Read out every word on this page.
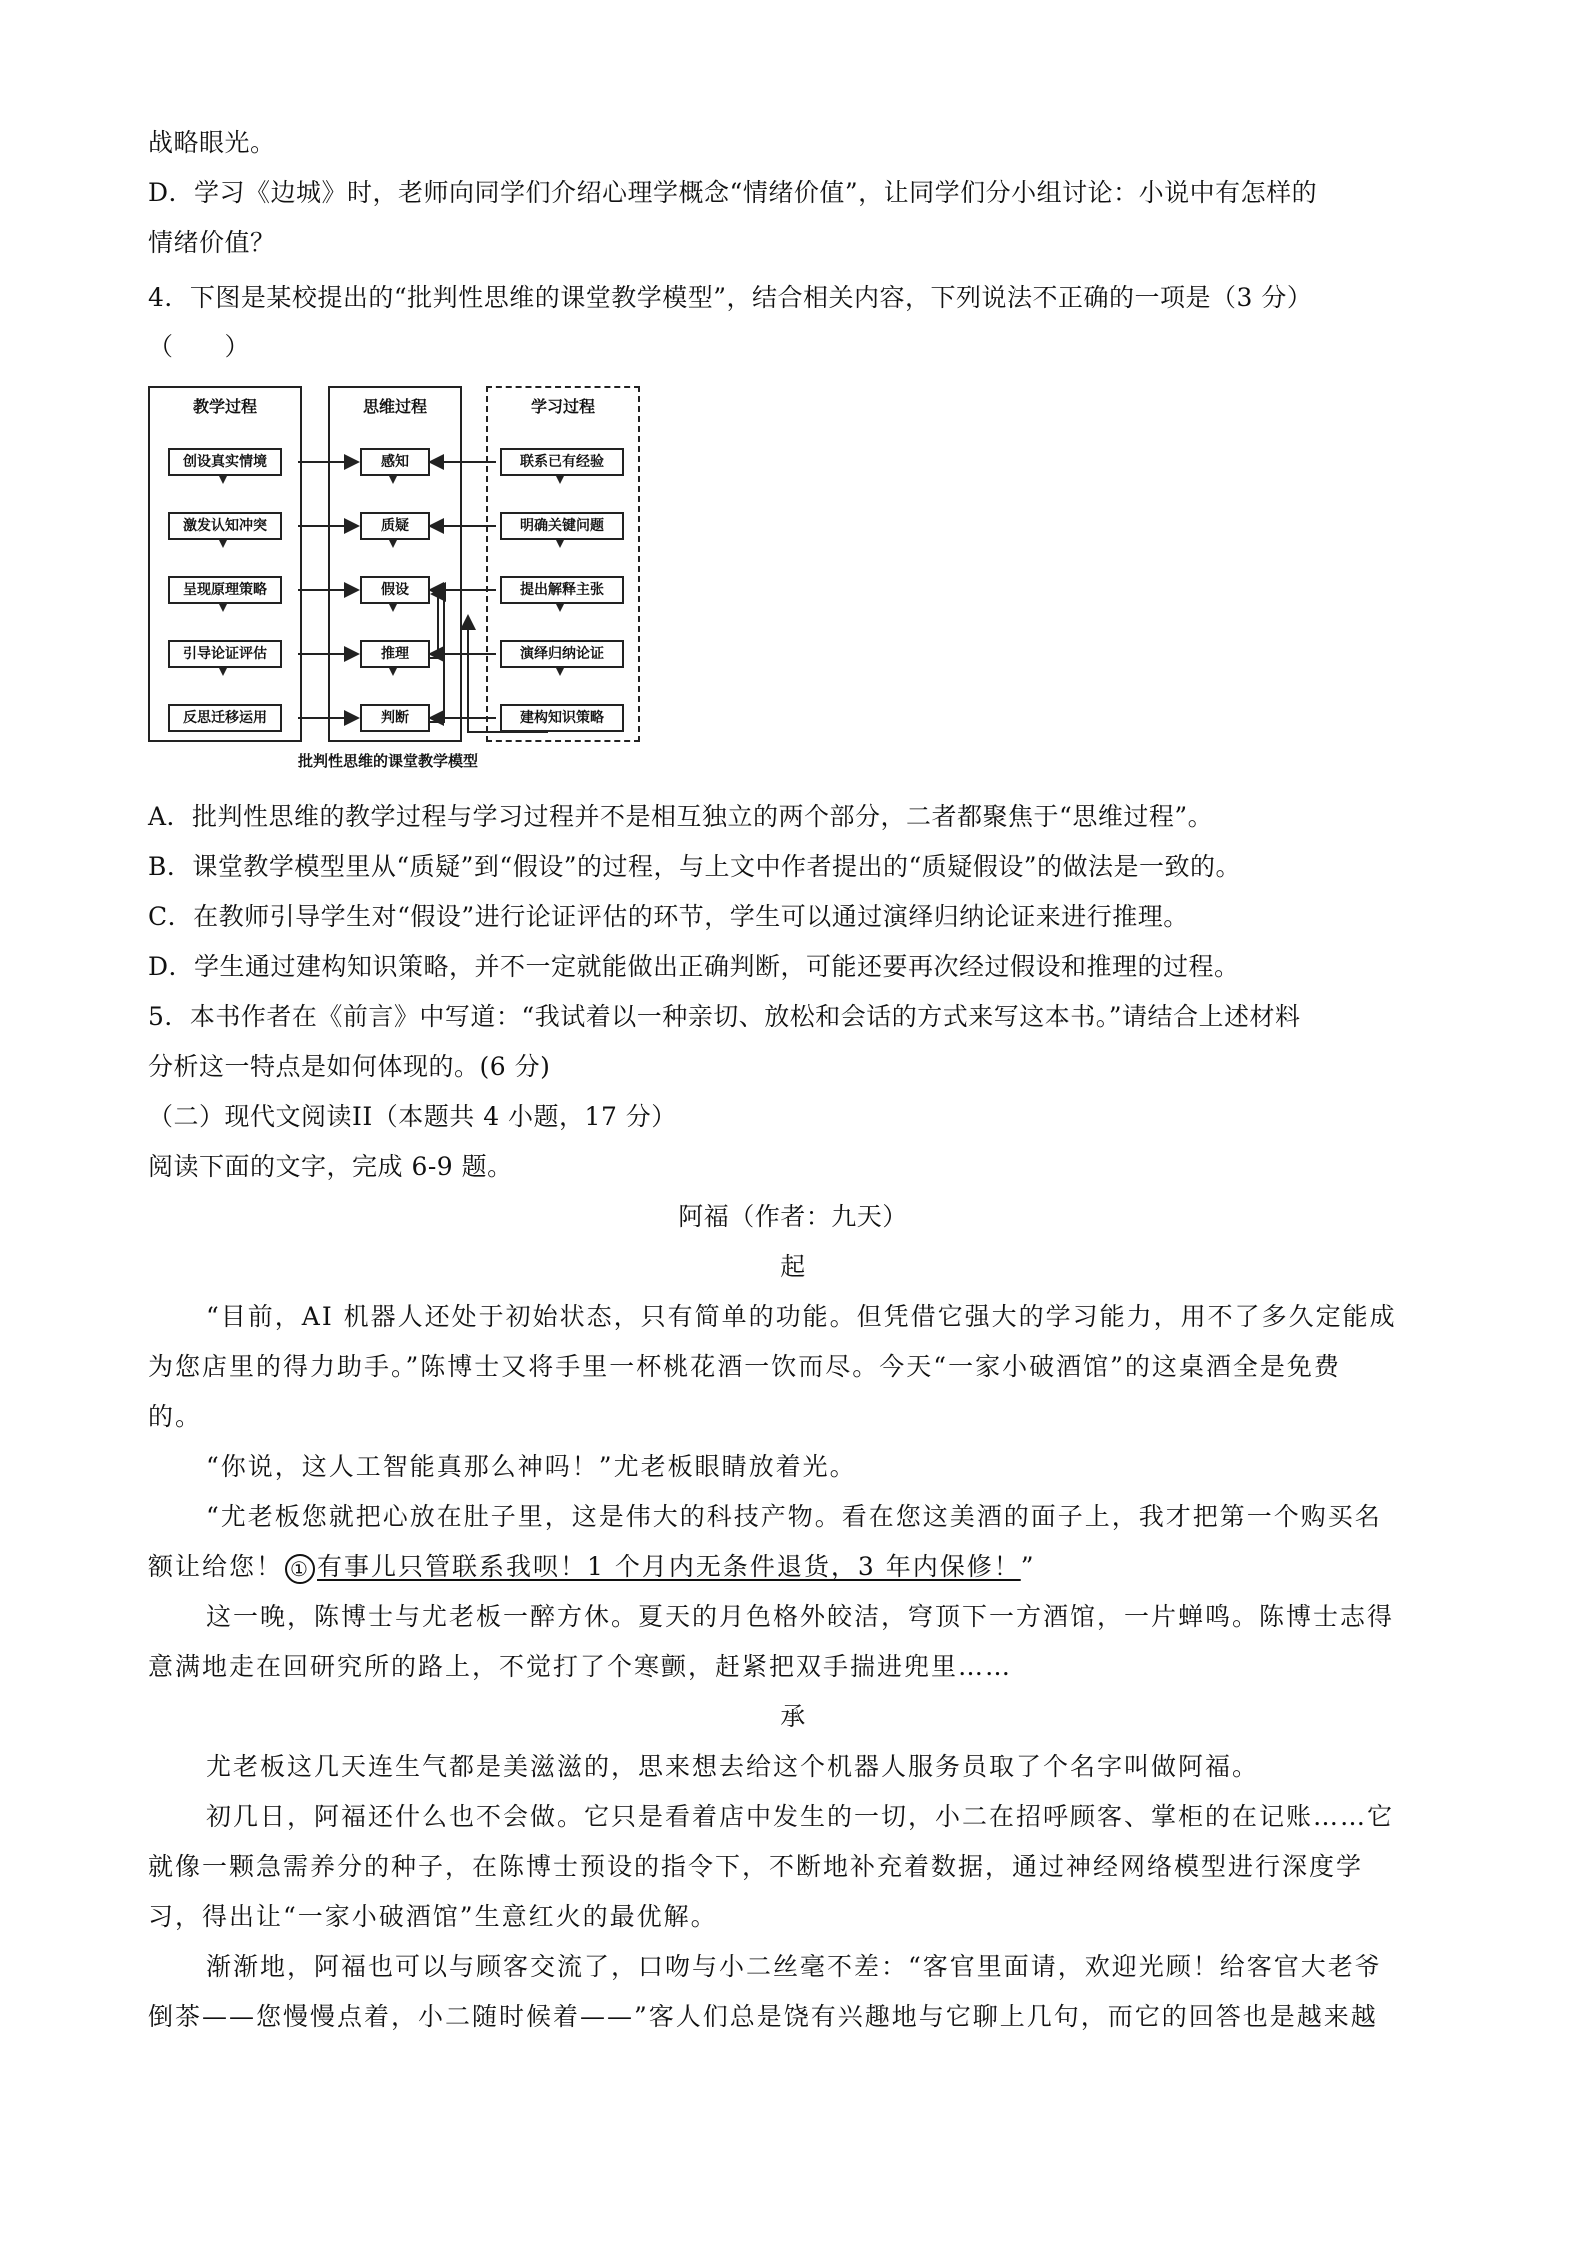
战略眼光。
D．学习《边城》时，老师向同学们介绍心理学概念“情绪价值”，让同学们分小组讨论：小说中有怎样的
情绪价值？
4．下图是某校提出的“批判性思维的课堂教学模型”，结合相关内容，下列说法不正确的一项是（3 分）
（　　）
教学过程	思维过程	学习过程
创设真实情境
激发认知冲突
呈现原理策略
引导论证评估
反思迁移运用
感知
质疑
假设
推理
判断
联系已有经验
明确关键问题
提出解释主张
演绎归纳论证
建构知识策略
批判性思维的课堂教学模型
A．批判性思维的教学过程与学习过程并不是相互独立的两个部分，二者都聚焦于“思维过程”。
B．课堂教学模型里从“质疑”到“假设”的过程，与上文中作者提出的“质疑假设”的做法是一致的。
C．在教师引导学生对“假设”进行论证评估的环节，学生可以通过演绎归纳论证来进行推理。
D．学生通过建构知识策略，并不一定就能做出正确判断，可能还要再次经过假设和推理的过程。
5．本书作者在《前言》中写道：“我试着以一种亲切、放松和会话的方式来写这本书。”请结合上述材料
分析这一特点是如何体现的。(6 分)
（二）现代文阅读II（本题共 4 小题，17 分）
阅读下面的文字，完成 6-9 题。
阿福（作者：九天）
起
“目前，AI 机器人还处于初始状态，只有简单的功能。但凭借它强大的学习能力，用不了多久定能成
为您店里的得力助手。”陈博士又将手里一杯桃花酒一饮而尽。今天“一家小破酒馆”的这桌酒全是免费
的。
“你说，这人工智能真那么神吗！”尤老板眼睛放着光。
“尤老板您就把心放在肚子里，这是伟大的科技产物。看在您这美酒的面子上，我才把第一个购买名
额让给您！ ① 有事儿只管联系我呗！1 个月内无条件退货，3 年内保修！”
这一晚，陈博士与尤老板一醉方休。夏天的月色格外皎洁，穹顶下一方酒馆，一片蝉鸣。陈博士志得
意满地走在回研究所的路上，不觉打了个寒颤，赶紧把双手揣进兜里……
承
尤老板这几天连生气都是美滋滋的，思来想去给这个机器人服务员取了个名字叫做阿福。
初几日，阿福还什么也不会做。它只是看着店中发生的一切，小二在招呼顾客、掌柜的在记账……它
就像一颗急需养分的种子，在陈博士预设的指令下，不断地补充着数据，通过神经网络模型进行深度学
习，得出让“一家小破酒馆”生意红火的最优解。
渐渐地，阿福也可以与顾客交流了，口吻与小二丝毫不差：“客官里面请，欢迎光顾！给客官大老爷
倒茶——您慢慢点着，小二随时候着——”客人们总是饶有兴趣地与它聊上几句，而它的回答也是越来越
